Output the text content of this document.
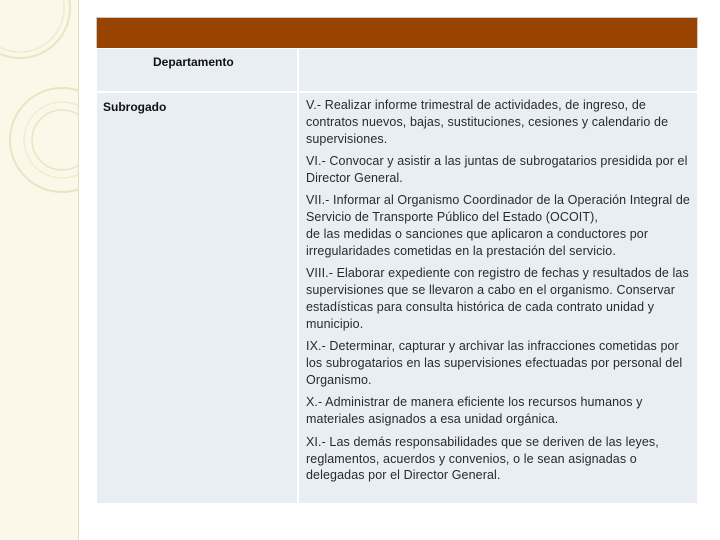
Departamento
Subrogado	V.- Realizar informe trimestral de actividades, de ingreso, de contratos nuevos, bajas, sustituciones, cesiones y calendario de supervisiones.
VI.- Convocar y asistir a las juntas de subrogatarios presidida por el Director General.
VII.- Informar al Organismo Coordinador de la Operación Integral de Servicio de Transporte Público del Estado (OCOIT),
de las medidas o sanciones que aplicaron a conductores por irregularidades cometidas en la prestación del servicio.
VIII.- Elaborar expediente con registro de fechas y resultados de las supervisiones que se llevaron a cabo en el organismo. Conservar estadísticas para consulta histórica de cada contrato unidad y municipio.
IX.- Determinar, capturar y archivar las infracciones cometidas por los subrogatarios en las supervisiones efectuadas por personal del Organismo.
X.- Administrar de manera eficiente los recursos humanos y materiales asignados a esa unidad orgánica.
XI.- Las demás responsabilidades que se deriven de las leyes, reglamentos, acuerdos y convenios, o le sean asignadas o delegadas por el Director General.
